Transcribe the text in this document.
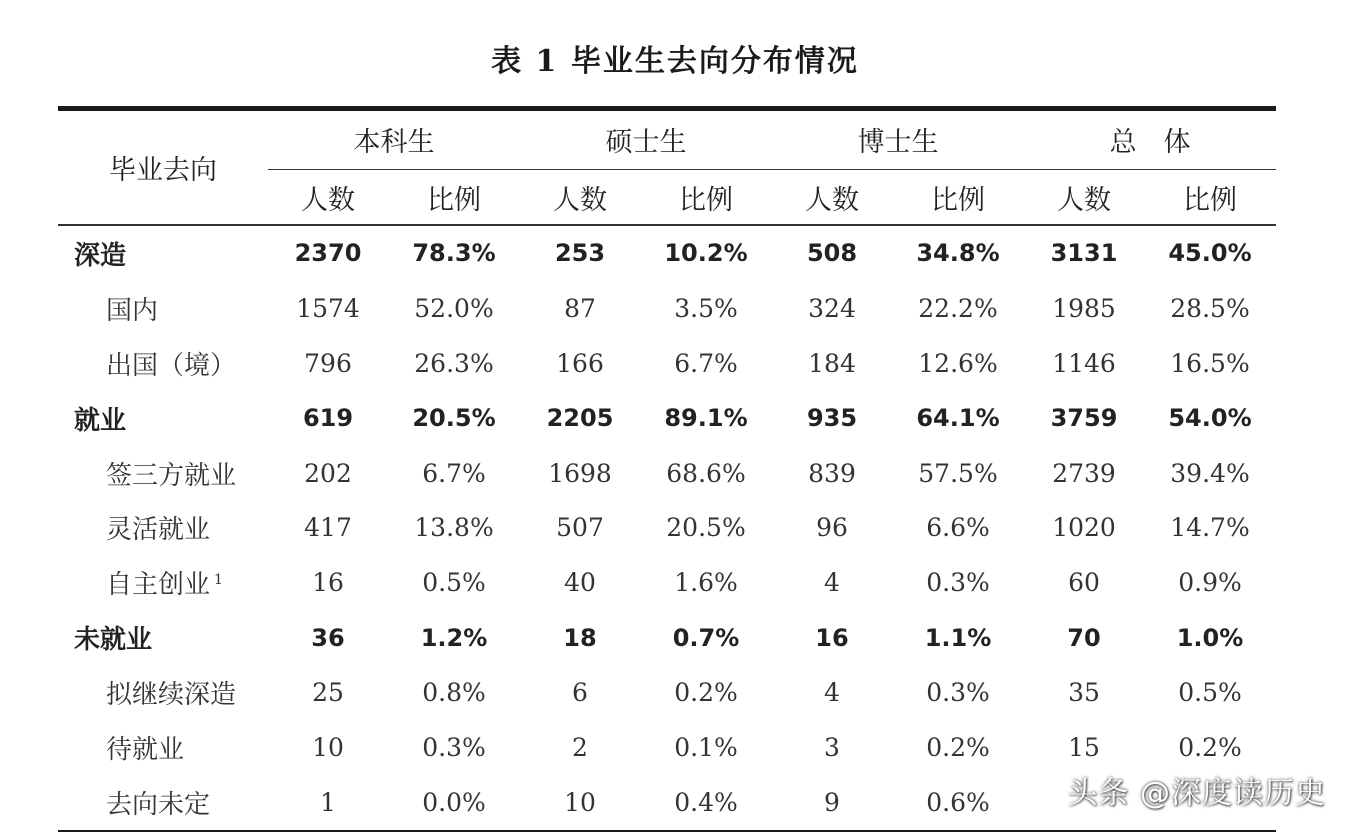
表 1 毕业生去向分布情况
毕业去向	本科生		硕士生		博士生		总　体	
	人数	比例	人数	比例	人数	比例	人数	比例
深造	2370	78.3%	253	10.2%	508	34.8%	3131	45.0%
国内	1574	52.0%	87	3.5%	324	22.2%	1985	28.5%
出国（境）	796	26.3%	166	6.7%	184	12.6%	1146	16.5%
就业	619	20.5%	2205	89.1%	935	64.1%	3759	54.0%
签三方就业	202	6.7%	1698	68.6%	839	57.5%	2739	39.4%
灵活就业	417	13.8%	507	20.5%	96	6.6%	1020	14.7%
自主创业 $^1$	16	0.5%	40	1.6%	4	0.3%	60	0.9%
未就业	36	1.2%	18	0.7%	16	1.1%	70	1.0%
拟继续深造	25	0.8%	6	0.2%	4	0.3%	35	0.5%
待就业	10	0.3%	2	0.1%	3	0.2%	15	0.2%
去向未定	1	0.0%	10	0.4%	9	0.6%			头条 @深度读历史
